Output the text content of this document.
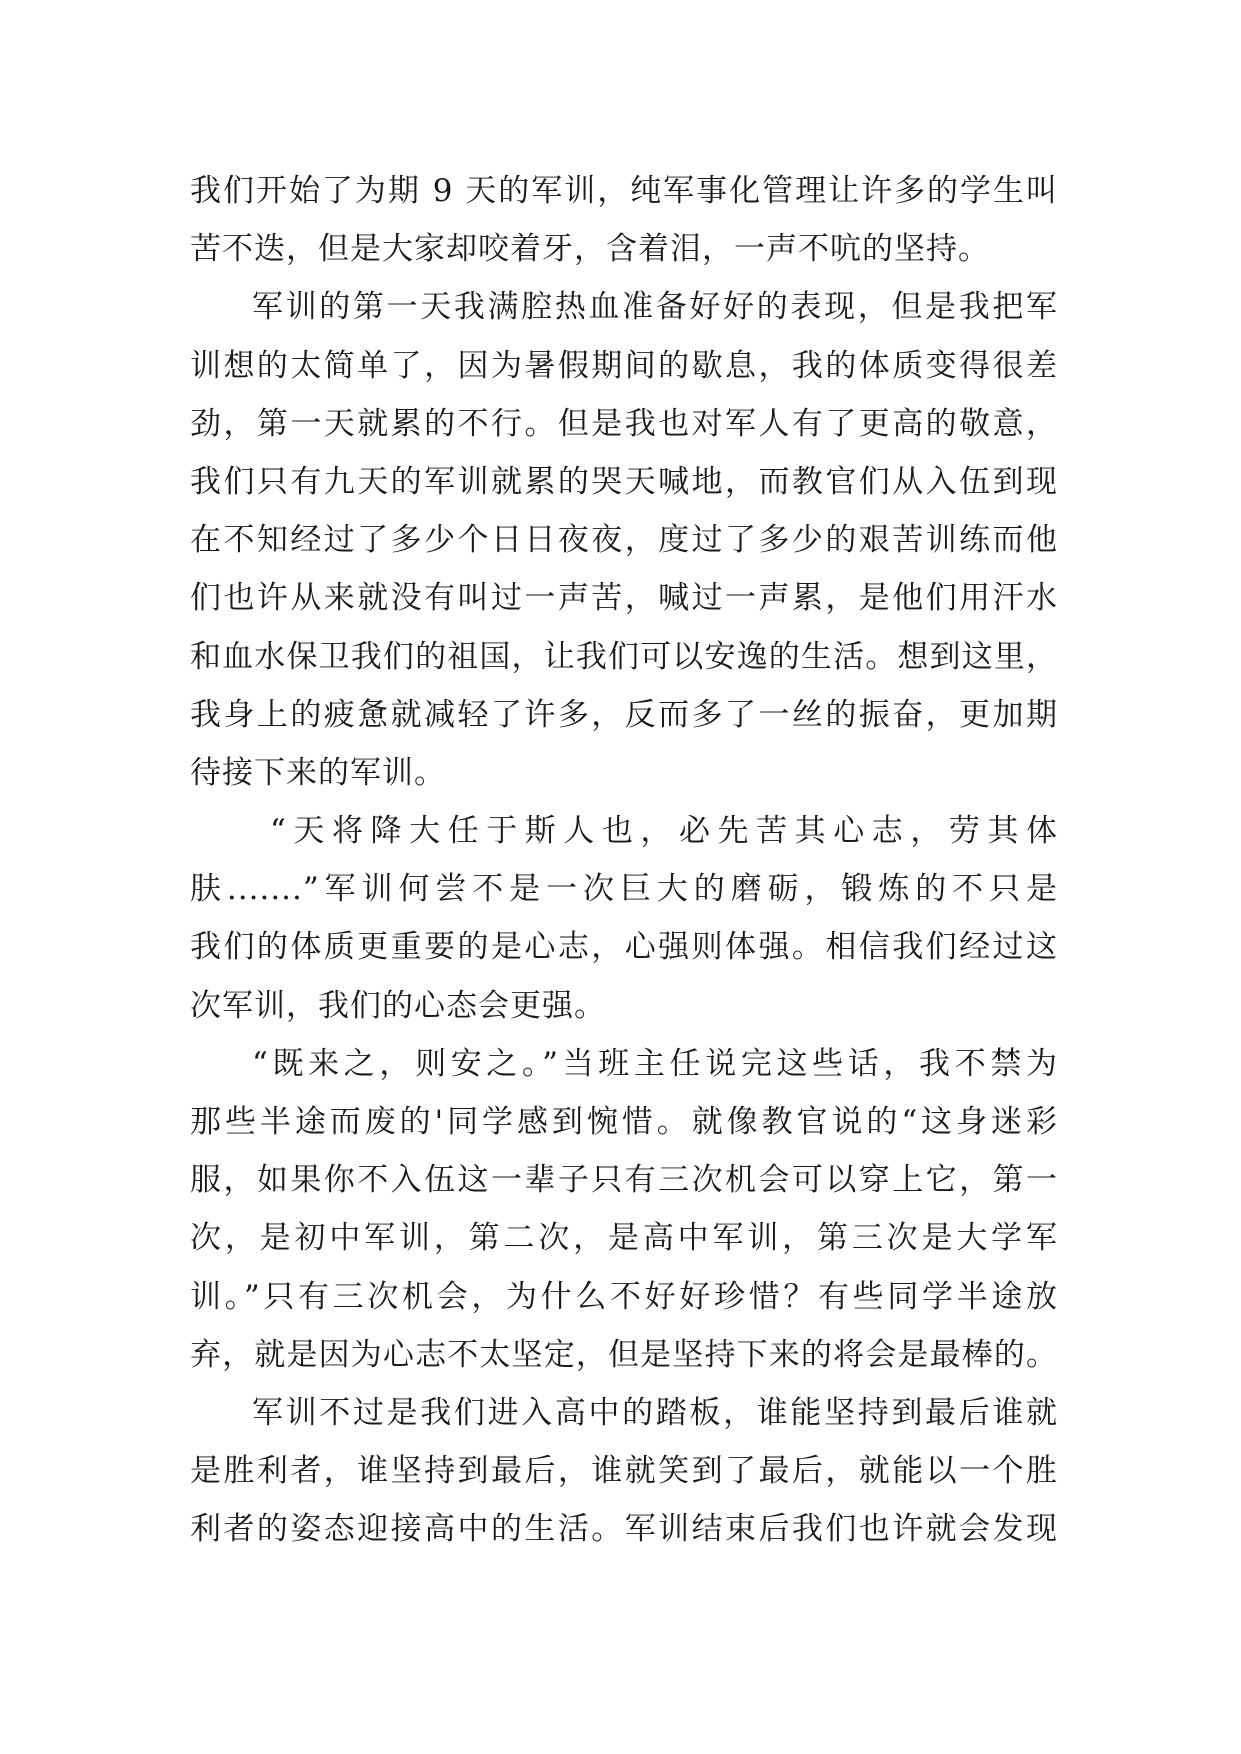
我们开始了为期 9 天的军训，纯军事化管理让许多的学生叫
苦不迭，但是大家却咬着牙，含着泪，一声不吭的坚持。
军训的第一天我满腔热血准备好好的表现，但是我把军
训想的太简单了，因为暑假期间的歇息，我的体质变得很差
劲，第一天就累的不行。但是我也对军人有了更高的敬意，
我们只有九天的军训就累的哭天喊地，而教官们从入伍到现
在不知经过了多少个日日夜夜，度过了多少的艰苦训练而他
们也许从来就没有叫过一声苦，喊过一声累，是他们用汗水
和血水保卫我们的祖国，让我们可以安逸的生活。想到这里，
我身上的疲惫就减轻了许多，反而多了一丝的振奋，更加期
待接下来的军训。
“天将降大任于斯人也，必先苦其心志，劳其体
肤.......”军训何尝不是一次巨大的磨砺，锻炼的不只是
我们的体质更重要的是心志，心强则体强。相信我们经过这
次军训，我们的心态会更强。
“既来之，则安之。”当班主任说完这些话，我不禁为
那些半途而废的'同学感到惋惜。就像教官说的“这身迷彩
服，如果你不入伍这一辈子只有三次机会可以穿上它，第一
次，是初中军训，第二次，是高中军训，第三次是大学军
训。”只有三次机会，为什么不好好珍惜？有些同学半途放
弃，就是因为心志不太坚定，但是坚持下来的将会是最棒的。
军训不过是我们进入高中的踏板，谁能坚持到最后谁就
是胜利者，谁坚持到最后，谁就笑到了最后，就能以一个胜
利者的姿态迎接高中的生活。军训结束后我们也许就会发现
